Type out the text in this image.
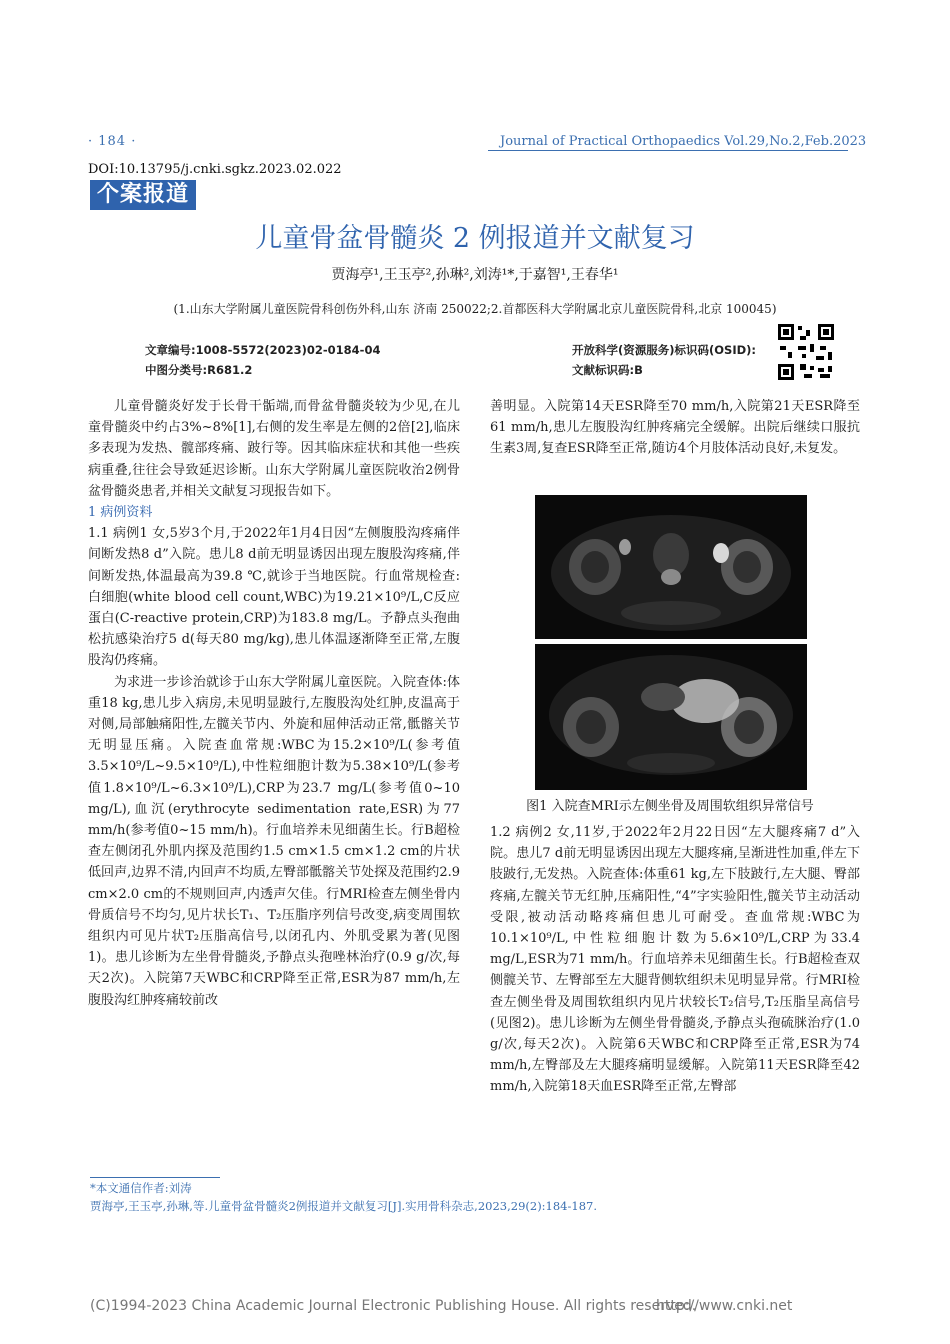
· 184 ·	Journal of Practical Orthopaedics Vol.29,No.2,Feb.2023
DOI:10.13795/j.cnki.sgkz.2023.02.022
个案报道
儿童骨盆骨髓炎 2 例报道并文献复习
贾海亭¹,王玉亭²,孙琳²,刘涛¹*,于嘉智¹,王春华¹
(1.山东大学附属儿童医院骨科创伤外科,山东 济南 250022;2.首都医科大学附属北京儿童医院骨科,北京 100045)
文章编号:1008-5572(2023)02-0184-04
中图分类号:R681.2
开放科学(资源服务)标识码(OSID):
文献标识码:B

儿童骨髓炎好发于长骨干骺端,而骨盆骨髓炎较为少见,在儿童骨髓炎中约占3%~8%[1],右侧的发生率是左侧的2倍[2],临床多表现为发热、髋部疼痛、跛行等。因其临床症状和其他一些疾病重叠,往往会导致延迟诊断。山东大学附属儿童医院收治2例骨盆骨髓炎患者,并相关文献复习现报告如下。

1 病例资料

1.1 病例1 女,5岁3个月,于2022年1月4日因“左侧腹股沟疼痛伴间断发热8 d”入院。患儿8 d前无明显诱因出现左腹股沟疼痛,伴间断发热,体温最高为39.8 ℃,就诊于当地医院。行血常规检查:白细胞(white blood cell count,WBC)为19.21×10⁹/L,C反应蛋白(C-reactive protein,CRP)为183.8 mg/L。予静点头孢曲松抗感染治疗5 d(每天80 mg/kg),患儿体温逐渐降至正常,左腹股沟仍疼痛。

为求进一步诊治就诊于山东大学附属儿童医院。入院查体:体重18 kg,患儿步入病房,未见明显跛行,左腹股沟处红肿,皮温高于对侧,局部触痛阳性,左髋关节内、外旋和屈伸活动正常,骶髂关节无明显压痛。入院查血常规:WBC为15.2×10⁹/L(参考值3.5×10⁹/L~9.5×10⁹/L),中性粒细胞计数为5.38×10⁹/L(参考值1.8×10⁹/L~6.3×10⁹/L),CRP为23.7 mg/L(参考值0~10 mg/L),血沉(erythrocyte sedimentation rate,ESR)为77 mm/h(参考值0~15 mm/h)。行血培养未见细菌生长。行B超检查左侧闭孔外肌内探及范围约1.5 cm×1.5 cm×1.2 cm的片状低回声,边界不清,内回声不均质,左臀部骶髂关节处探及范围约2.9 cm×2.0 cm的不规则回声,内透声欠佳。行MRI检查左侧坐骨内骨质信号不均匀,见片状长T₁、T₂压脂序列信号改变,病变周围软组织内可见片状T₂压脂高信号,以闭孔内、外肌受累为著(见图1)。患儿诊断为左坐骨骨髓炎,予静点头孢唑林治疗(0.9 g/次,每天2次)。入院第7天WBC和CRP降至正常,ESR为87 mm/h,左腹股沟红肿疼痛较前改

善明显。入院第14天ESR降至70 mm/h,入院第21天ESR降至61 mm/h,患儿左腹股沟红肿疼痛完全缓解。出院后继续口服抗生素3周,复查ESR降至正常,随访4个月肢体活动良好,未复发。

图1 入院查MRI示左侧坐骨及周围软组织异常信号

1.2 病例2 女,11岁,于2022年2月22日因“左大腿疼痛7 d”入院。患儿7 d前无明显诱因出现左大腿疼痛,呈渐进性加重,伴左下肢跛行,无发热。入院查体:体重61 kg,左下肢跛行,左大腿、臀部疼痛,左髋关节无红肿,压痛阳性,“4”字实验阳性,髋关节主动活动受限,被动活动略疼痛但患儿可耐受。查血常规:WBC为10.1×10⁹/L,中性粒细胞计数为5.6×10⁹/L,CRP为33.4 mg/L,ESR为71 mm/h。行血培养未见细菌生长。行B超检查双侧髋关节、左臀部至左大腿背侧软组织未见明显异常。行MRI检查左侧坐骨及周围软组织内见片状较长T₂信号,T₂压脂呈高信号(见图2)。患儿诊断为左侧坐骨骨髓炎,予静点头孢硫脒治疗(1.0 g/次,每天2次)。入院第6天WBC和CRP降至正常,ESR为74 mm/h,左臀部及左大腿疼痛明显缓解。入院第11天ESR降至42 mm/h,入院第18天血ESR降至正常,左臀部

*本文通信作者:刘涛
贾海亭,王玉亭,孙琳,等.儿童骨盆骨髓炎2例报道并文献复习[J].实用骨科杂志,2023,29(2):184-187.
(C)1994-2023 China Academic Journal Electronic Publishing House. All rights reserved.
http://www.cnki.net
